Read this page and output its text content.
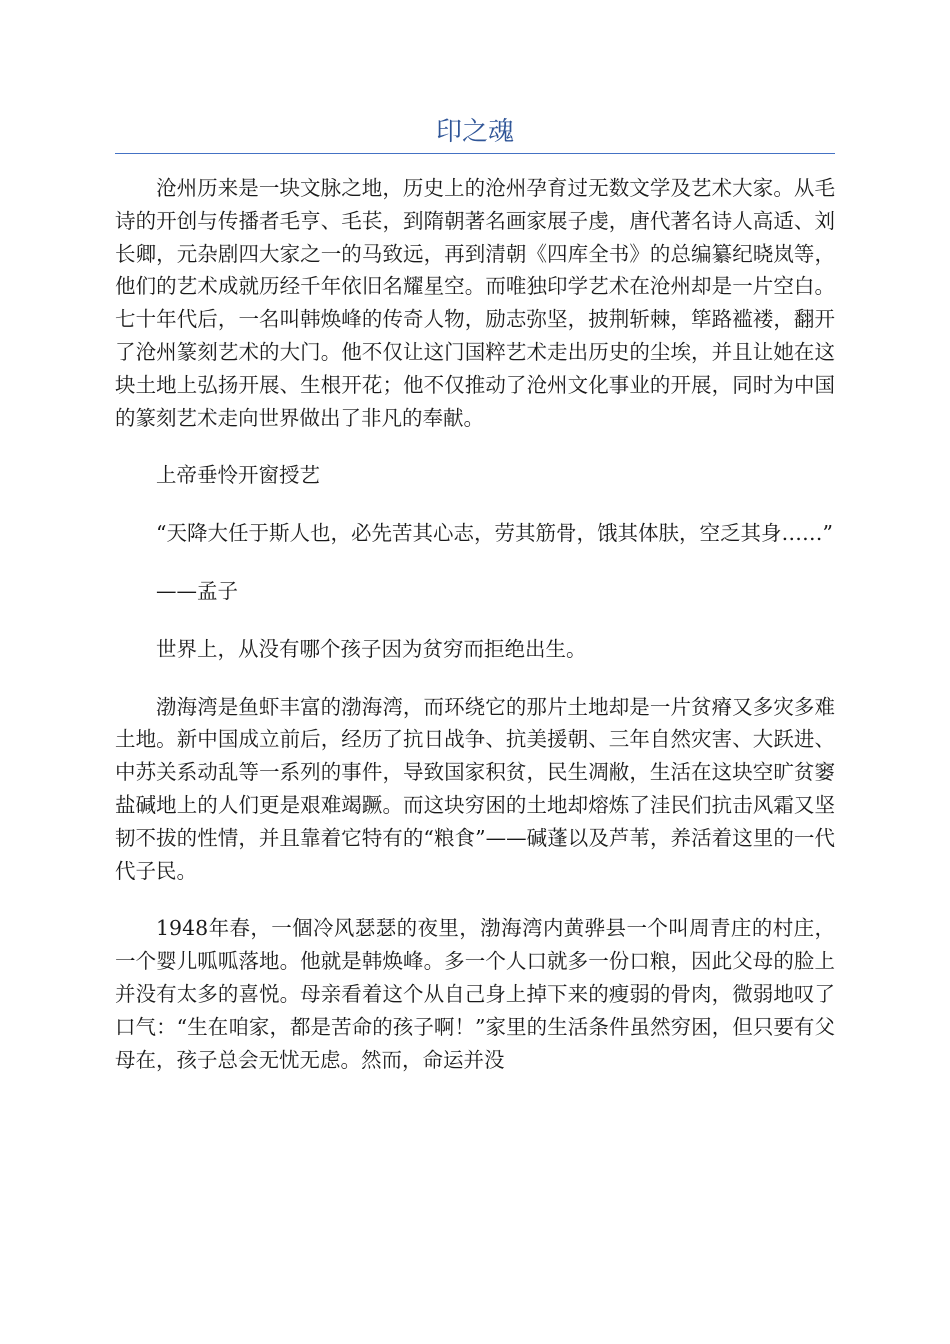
印之魂

沧州历来是一块文脉之地，历史上的沧州孕育过无数文学及艺术大家。从毛诗的开创与传播者毛亨、毛苌，到隋朝著名画家展子虔，唐代著名诗人高适、刘长卿，元杂剧四大家之一的马致远，再到清朝《四库全书》的总编纂纪晓岚等，他们的艺术成就历经千年依旧名耀星空。而唯独印学艺术在沧州却是一片空白。七十年代后，一名叫韩焕峰的传奇人物，励志弥坚，披荆斩棘，筚路褴褛，翻开了沧州篆刻艺术的大门。他不仅让这门国粹艺术走出历史的尘埃，并且让她在这块土地上弘扬开展、生根开花；他不仅推动了沧州文化事业的开展，同时为中国的篆刻艺术走向世界做出了非凡的奉献。

上帝垂怜开窗授艺

“天降大任于斯人也，必先苦其心志，劳其筋骨，饿其体肤，空乏其身……”

——孟子

世界上，从没有哪个孩子因为贫穷而拒绝出生。

渤海湾是鱼虾丰富的渤海湾，而环绕它的那片土地却是一片贫瘠又多灾多难土地。新中国成立前后，经历了抗日战争、抗美援朝、三年自然灾害、大跃进、中苏关系动乱等一系列的事件，导致国家积贫，民生凋敝，生活在这块空旷贫窭盐碱地上的人们更是艰难竭蹶。而这块穷困的土地却熔炼了洼民们抗击风霜又坚韧不拔的性情，并且靠着它特有的“粮食”——碱蓬以及芦苇，养活着这里的一代代子民。

1948年春，一個冷风瑟瑟的夜里，渤海湾内黄骅县一个叫周青庄的村庄，一个婴儿呱呱落地。他就是韩焕峰。多一个人口就多一份口粮，因此父母的脸上并没有太多的喜悦。母亲看着这个从自己身上掉下来的瘦弱的骨肉，微弱地叹了口气：“生在咱家，都是苦命的孩子啊！”家里的生活条件虽然穷困，但只要有父母在，孩子总会无忧无虑。然而，命运并没
